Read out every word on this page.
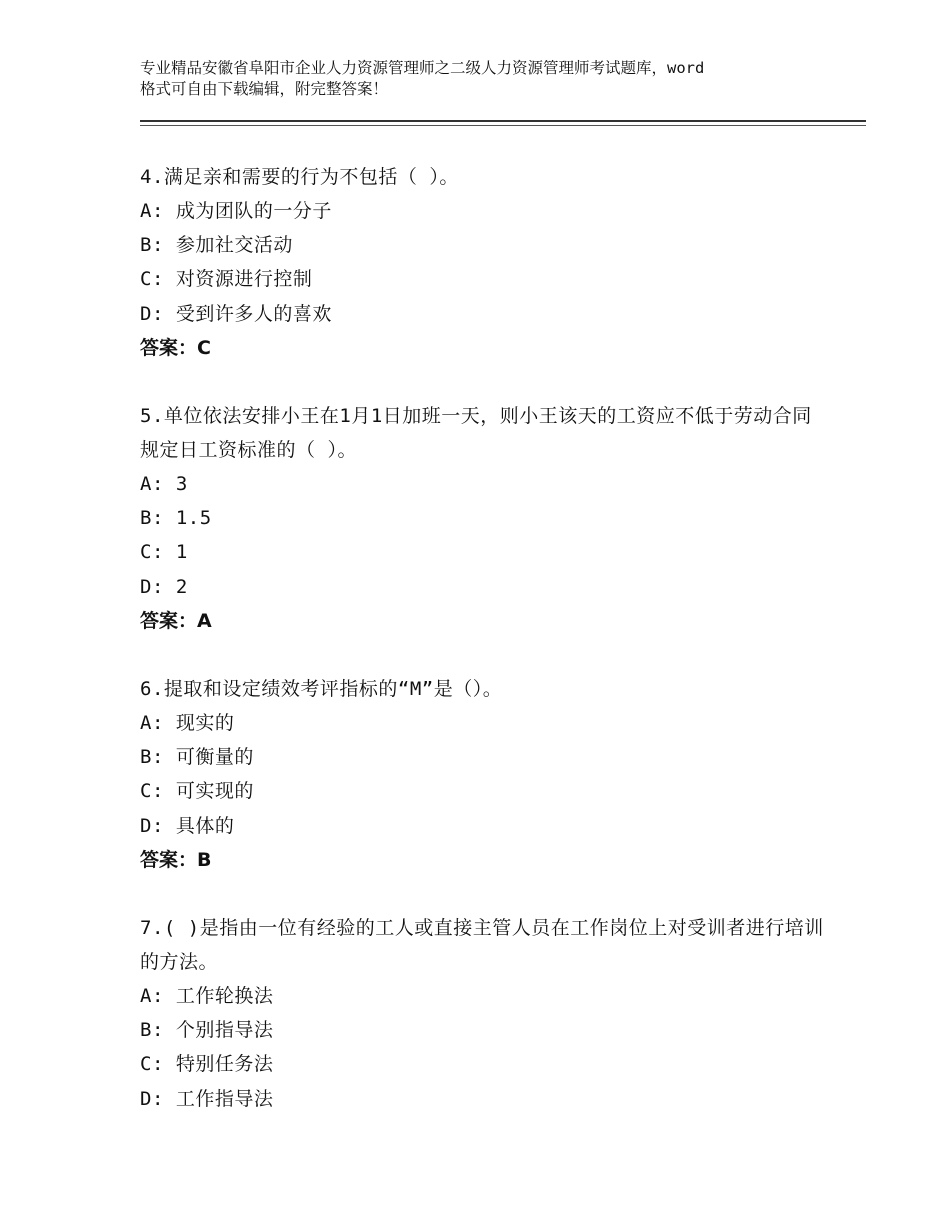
专业精品安徽省阜阳市企业人力资源管理师之二级人力资源管理师考试题库，word
格式可自由下载编辑，附完整答案！

4.满足亲和需要的行为不包括（ ）。

A: 成为团队的一分子

B: 参加社交活动

C: 对资源进行控制

D: 受到许多人的喜欢

答案：C

5.单位依法安排小王在1月1日加班一天，则小王该天的工资应不低于劳动合同规定日工资标准的（ ）。

A: 3

B: 1.5

C: 1

D: 2

答案：A

6.提取和设定绩效考评指标的“M”是（）。

A: 现实的

B: 可衡量的

C: 可实现的

D: 具体的

答案：B

7.( )是指由一位有经验的工人或直接主管人员在工作岗位上对受训者进行培训的方法。

A: 工作轮换法

B: 个别指导法

C: 特别任务法

D: 工作指导法
